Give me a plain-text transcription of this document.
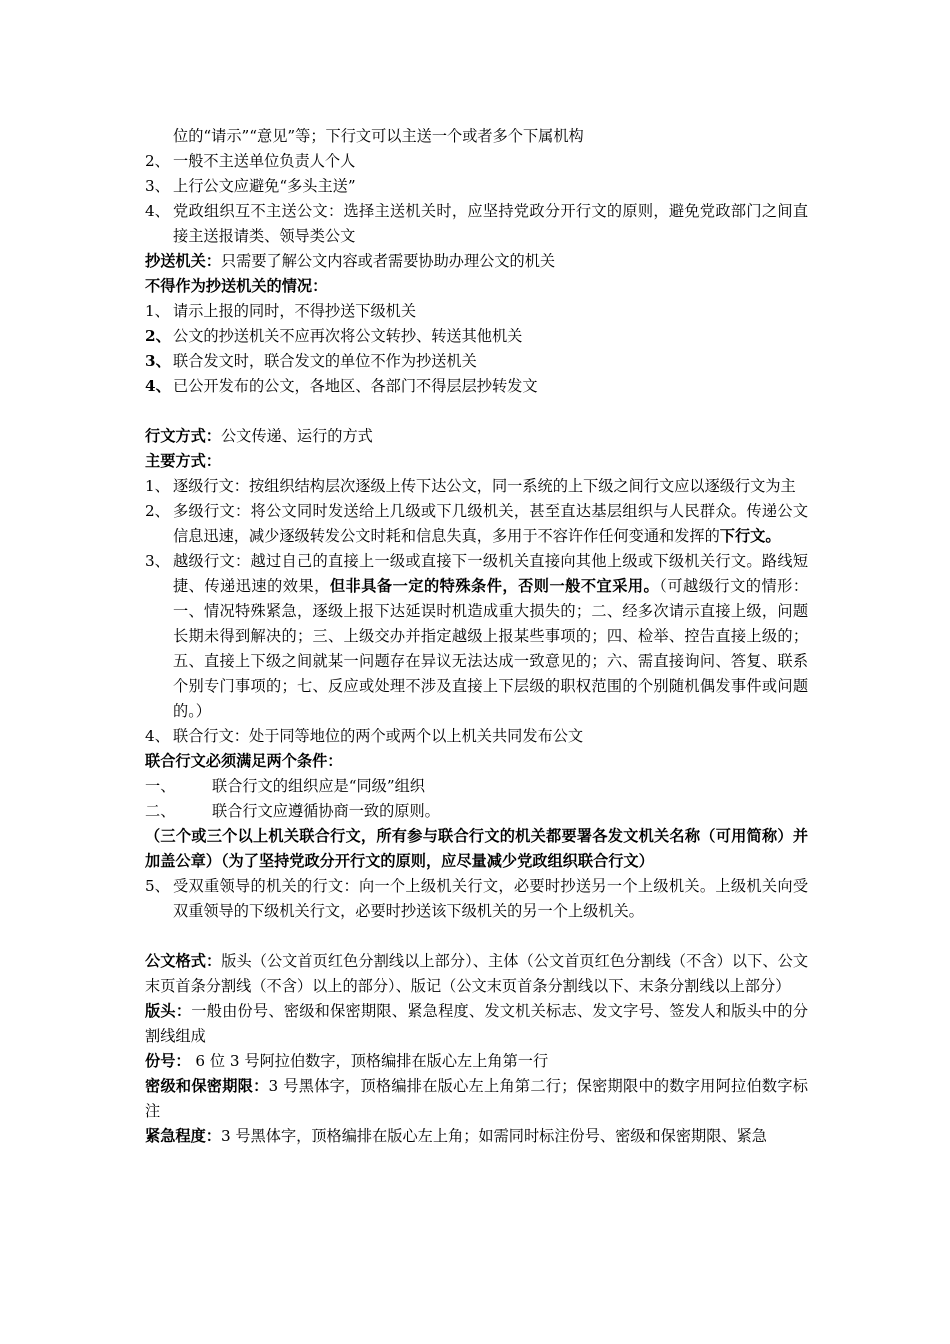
位的“请示”“意见”等；下行文可以主送一个或者多个下属机构
2、 一般不主送单位负责人个人
3、 上行公文应避免“多头主送”
4、 党政组织互不主送公文：选择主送机关时，应坚持党政分开行文的原则，避免党政部门之间直接主送报请类、领导类公文

抄送机关：只需要了解公文内容或者需要协助办理公文的机关

不得作为抄送机关的情况：

1、 请示上报的同时，不得抄送下级机关
2、 公文的抄送机关不应再次将公文转抄、转送其他机关
3、 联合发文时，联合发文的单位不作为抄送机关
4、 已公开发布的公文，各地区、各部门不得层层抄转发文

行文方式：公文传递、运行的方式

主要方式：

1、 逐级行文：按组织结构层次逐级上传下达公文，同一系统的上下级之间行文应以逐级行文为主
2、 多级行文：将公文同时发送给上几级或下几级机关，甚至直达基层组织与人民群众。传递公文信息迅速，减少逐级转发公文时耗和信息失真，多用于不容许作任何变通和发挥的下行文。
3、 越级行文：越过自己的直接上一级或直接下一级机关直接向其他上级或下级机关行文。路线短捷、传递迅速的效果，但非具备一定的特殊条件，否则一般不宜采用。（可越级行文的情形：一、情况特殊紧急，逐级上报下达延误时机造成重大损失的；二、经多次请示直接上级，问题长期未得到解决的；三、上级交办并指定越级上报某些事项的；四、检举、控告直接上级的；五、直接上下级之间就某一问题存在异议无法达成一致意见的；六、需直接询问、答复、联系个别专门事项的；七、反应或处理不涉及直接上下层级的职权范围的个别随机偶发事件或问题的。）
4、 联合行文：处于同等地位的两个或两个以上机关共同发布公文

联合行文必须满足两个条件：

一、	联合行文的组织应是“同级”组织
二、	联合行文应遵循协商一致的原则。

（三个或三个以上机关联合行文，所有参与联合行文的机关都要署各发文机关名称（可用简称）并加盖公章）（为了坚持党政分开行文的原则，应尽量减少党政组织联合行文）

5、 受双重领导的机关的行文：向一个上级机关行文，必要时抄送另一个上级机关。上级机关向受双重领导的下级机关行文，必要时抄送该下级机关的另一个上级机关。

公文格式：版头（公文首页红色分割线以上部分）、主体（公文首页红色分割线（不含）以下、公文末页首条分割线（不含）以上的部分）、版记（公文末页首条分割线以下、末条分割线以上部分）

版头：一般由份号、密级和保密期限、紧急程度、发文机关标志、发文字号、签发人和版头中的分割线组成

份号： 6 位 3 号阿拉伯数字，顶格编排在版心左上角第一行

密级和保密期限：3 号黑体字，顶格编排在版心左上角第二行；保密期限中的数字用阿拉伯数字标注

紧急程度：3 号黑体字，顶格编排在版心左上角；如需同时标注份号、密级和保密期限、紧急
